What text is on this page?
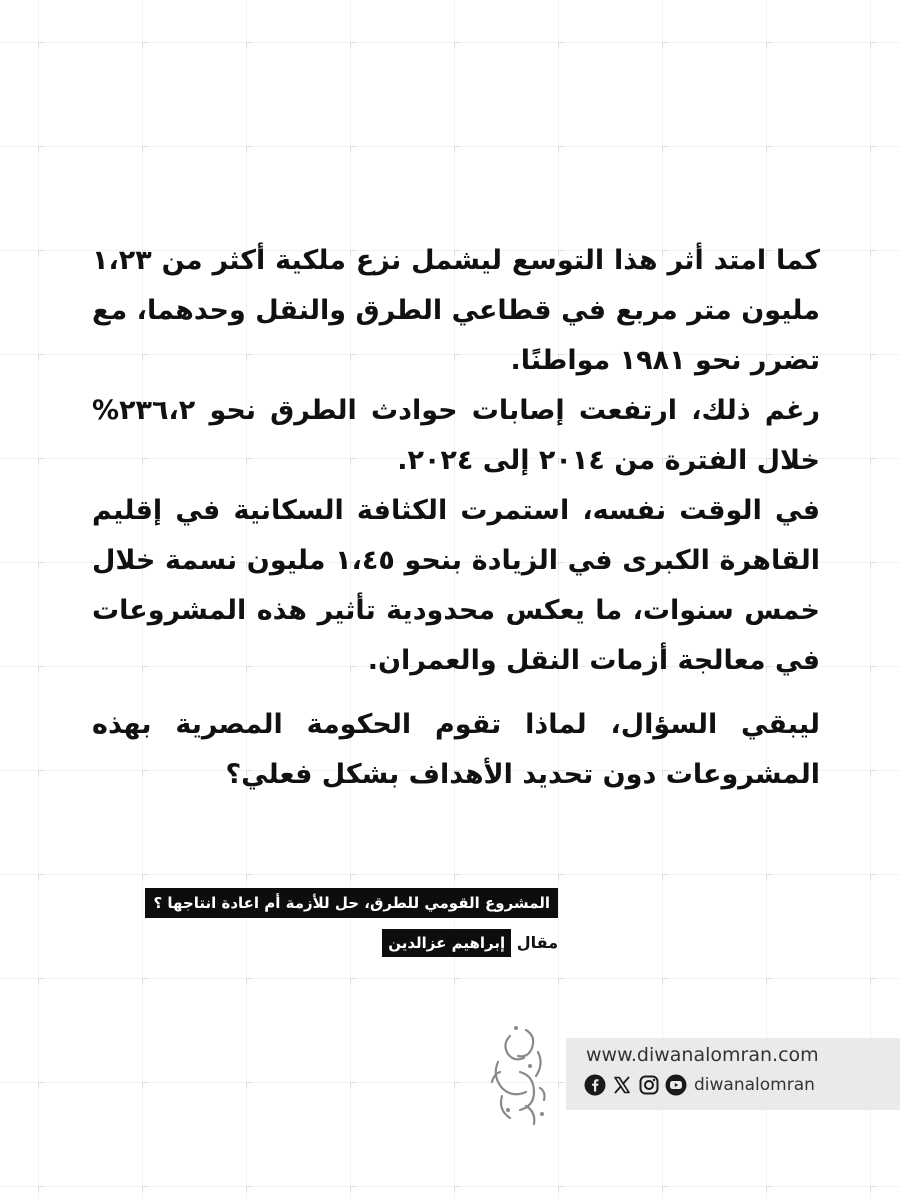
كما امتد أثر هذا التوسع ليشمل نزع ملكية أكثر من ١،٢٣ مليون متر مربع في قطاعي الطرق والنقل وحدهما، مع تضرر نحو ١٩٨١ مواطنًا.

رغم ذلك، ارتفعت إصابات حوادث الطرق نحو ٢٣٦،٢% خلال الفترة من ٢٠١٤ إلى ٢٠٢٤.

في الوقت نفسه، استمرت الكثافة السكانية في إقليم القاهرة الكبرى في الزيادة بنحو ١،٤٥ مليون نسمة خلال خمس سنوات، ما يعكس محدودية تأثير هذه المشروعات في معالجة أزمات النقل والعمران.

ليبقي السؤال، لماذا تقوم الحكومة المصرية بهذه المشروعات دون تحديد الأهداف بشكل فعلي؟

المشروع القومي للطرق، حل للأزمة أم اعادة انتاجها ؟
مقال إبراهيم عزالدين
www.diwanalomran.com
diwanalomran
